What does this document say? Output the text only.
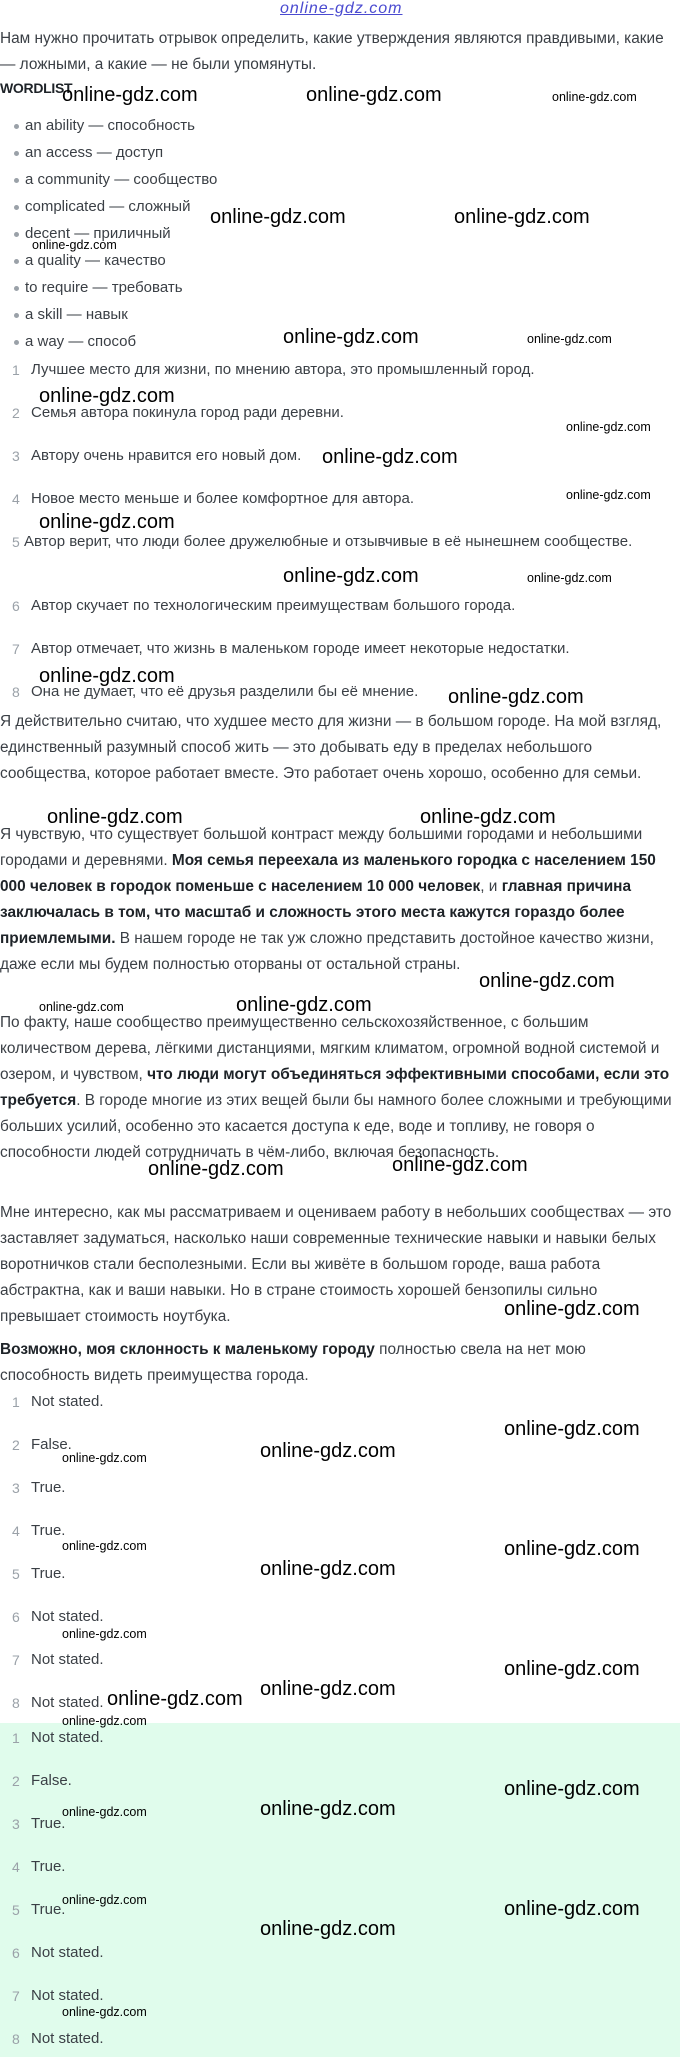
online-gdz.com
Нам нужно прочитать отрывок определить, какие утверждения являются правдивыми, какие — ложными, а какие — не были упомянуты.
WORDLIST
an ability — способность
an access — доступ
a community — сообщество
complicated — сложный
decent — приличный
a quality — качество
to require — требовать
a skill — навык
a way — способ
1 Лучшее место для жизни, по мнению автора, это промышленный город.
2 Семья автора покинула город ради деревни.
3 Автору очень нравится его новый дом.
4 Новое место меньше и более комфортное для автора.
5 Автор верит, что люди более дружелюбные и отзывчивые в её нынешнем сообществе.
6 Автор скучает по технологическим преимуществам большого города.
7 Автор отмечает, что жизнь в маленьком городе имеет некоторые недостатки.
8 Она не думает, что её друзья разделили бы её мнение.
Я действительно считаю, что худшее место для жизни — в большом городе. На мой взгляд, единственный разумный способ жить — это добывать еду в пределах небольшого сообщества, которое работает вместе. Это работает очень хорошо, особенно для семьи.
Я чувствую, что существует большой контраст между большими городами и небольшими городами и деревнями. Моя семья переехала из маленького городка с населением 150 000 человек в городок поменьше с населением 10 000 человек, и главная причина заключалась в том, что масштаб и сложность этого места кажутся гораздо более приемлемыми. В нашем городе не так уж сложно представить достойное качество жизни, даже если мы будем полностью оторваны от остальной страны.
По факту, наше сообщество преимущественно сельскохозяйственное, с большим количеством дерева, лёгкими дистанциями, мягким климатом, огромной водной системой и озером, и чувством, что люди могут объединяться эффективными способами, если это требуется. В городе многие из этих вещей были бы намного более сложными и требующими больших усилий, особенно это касается доступа к еде, воде и топливу, не говоря о способности людей сотрудничать в чём-либо, включая безопасность.
Мне интересно, как мы рассматриваем и оцениваем работу в небольших сообществах — это заставляет задуматься, насколько наши современные технические навыки и навыки белых воротничков стали бесполезными. Если вы живёте в большом городе, ваша работа абстрактна, как и ваши навыки. Но в стране стоимость хорошей бензопилы сильно превышает стоимость ноутбука.
Возможно, моя склонность к маленькому городу полностью свела на нет мою способность видеть преимущества города.
1 Not stated.
2 False.
3 True.
4 True.
5 True.
6 Not stated.
7 Not stated.
8 Not stated.
1 Not stated.
2 False.
3 True.
4 True.
5 True.
6 Not stated.
7 Not stated.
8 Not stated.
online-gdz.com	online-gdz.com	online-gdz.com
online-gdz.com	online-gdz.com
online-gdz.com
online-gdz.com	online-gdz.com
online-gdz.com
online-gdz.com
online-gdz.com
online-gdz.com
online-gdz.com
online-gdz.com	online-gdz.com
online-gdz.com
online-gdz.com
online-gdz.com	online-gdz.com
online-gdz.com
online-gdz.com	online-gdz.com
online-gdz.com	online-gdz.com
online-gdz.com
online-gdz.com
online-gdz.com
online-gdz.com
online-gdz.com
online-gdz.com
online-gdz.com
online-gdz.com
online-gdz.com
online-gdz.com
online-gdz.com
online-gdz.com
online-gdz.com
online-gdz.com
online-gdz.com
online-gdz.com
online-gdz.com
online-gdz.com
online-gdz.com
